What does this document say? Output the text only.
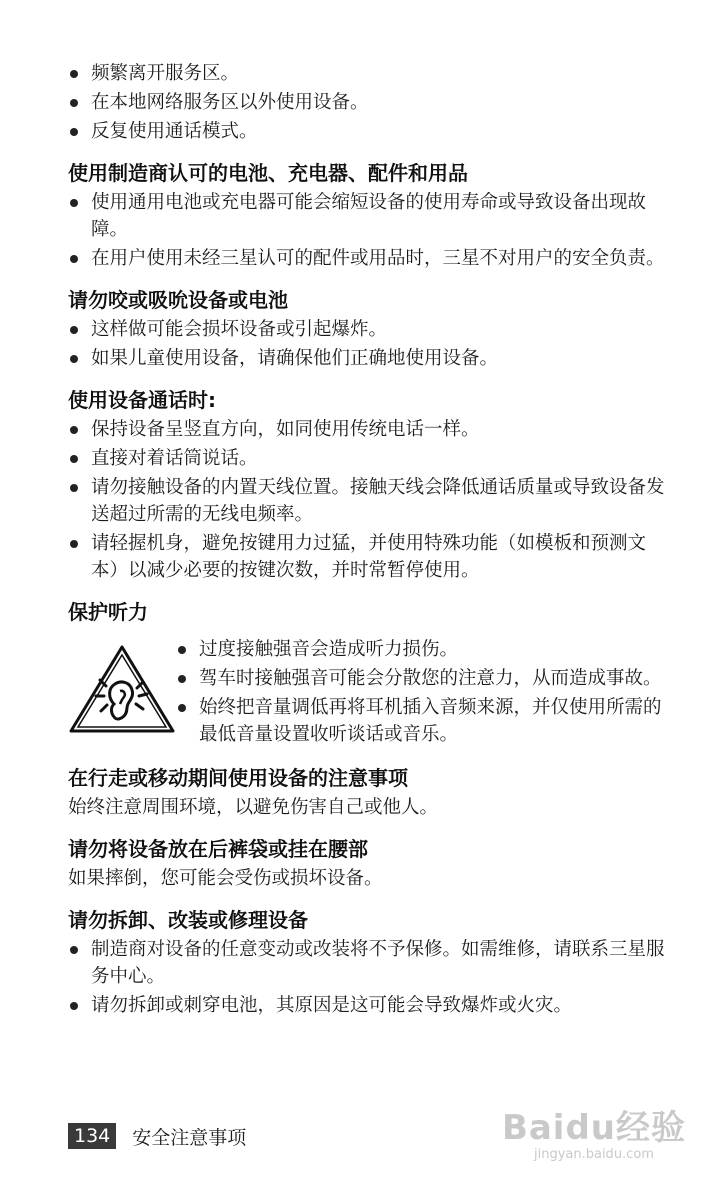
频繁离开服务区。
在本地网络服务区以外使用设备。
反复使用通话模式。
使用制造商认可的电池、充电器、配件和用品
使用通用电池或充电器可能会缩短设备的使用寿命或导致设备出现故障。
在用户使用未经三星认可的配件或用品时，三星不对用户的安全负责。
请勿咬或吸吮设备或电池
这样做可能会损坏设备或引起爆炸。
如果儿童使用设备，请确保他们正确地使用设备。
使用设备通话时:
保持设备呈竖直方向，如同使用传统电话一样。
直接对着话筒说话。
请勿接触设备的内置天线位置。接触天线会降低通话质量或导致设备发送超过所需的无线电频率。
请轻握机身，避免按键用力过猛，并使用特殊功能（如模板和预测文本）以减少必要的按键次数，并时常暂停使用。
保护听力
过度接触强音会造成听力损伤。
驾车时接触强音可能会分散您的注意力，从而造成事故。
始终把音量调低再将耳机插入音频来源，并仅使用所需的最低音量设置收听谈话或音乐。
在行走或移动期间使用设备的注意事项
始终注意周围环境，以避免伤害自己或他人。
请勿将设备放在后裤袋或挂在腰部
如果摔倒，您可能会受伤或损坏设备。
请勿拆卸、改装或修理设备
制造商对设备的任意变动或改装将不予保修。如需维修，请联系三星服务中心。
请勿拆卸或刺穿电池，其原因是这可能会导致爆炸或火灾。
134	安全注意事项	Baidu经验
jingyan.baidu.com
